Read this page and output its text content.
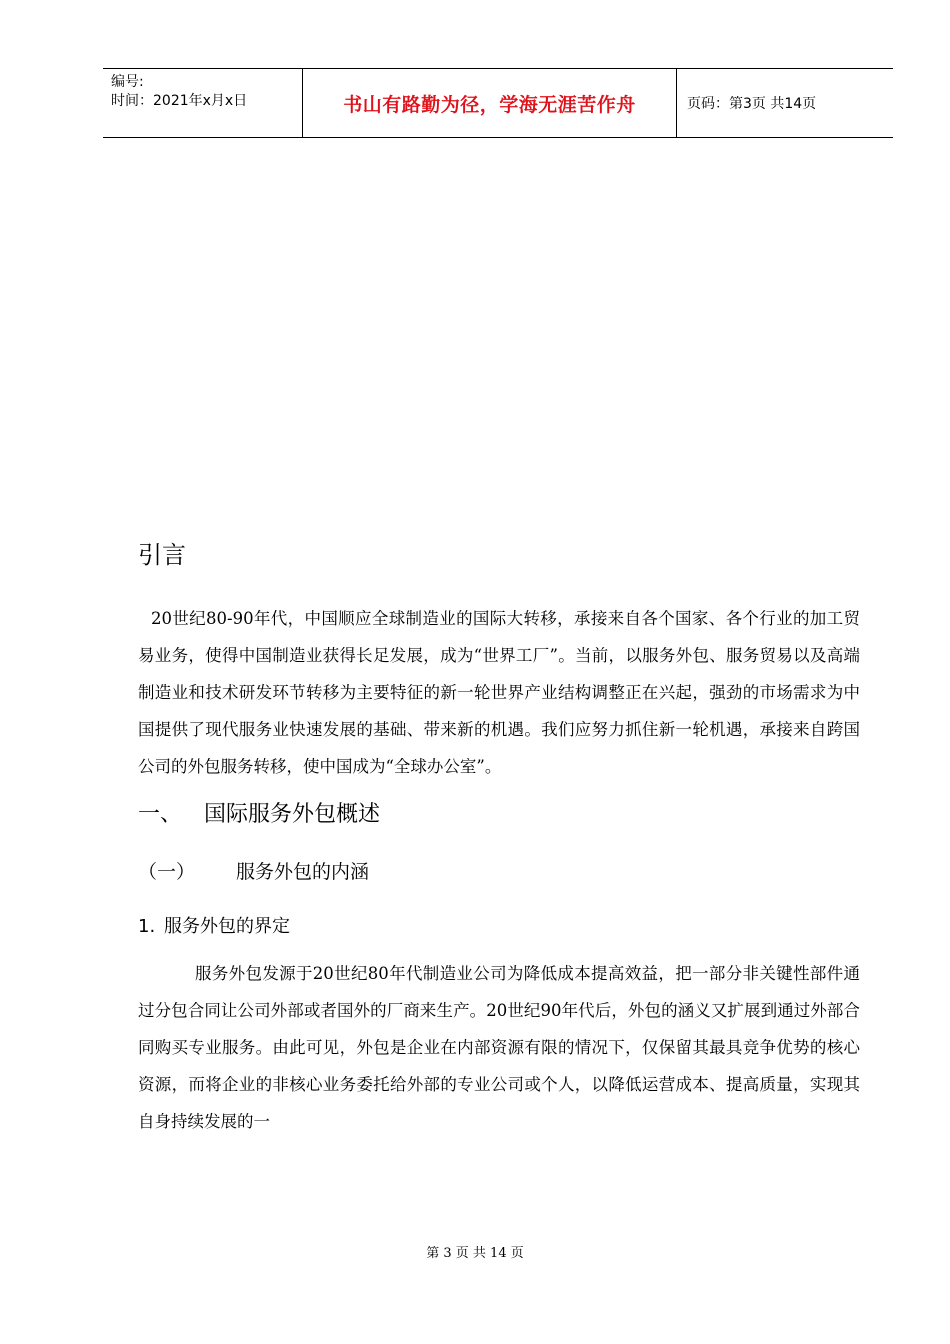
编号:
时间：2021年x月x日	书山有路勤为径，学海无涯苦作舟	页码：第3页 共14页
引言

20世纪80-90年代，中国顺应全球制造业的国际大转移，承接来自各个国家、各个行业的加工贸易业务，使得中国制造业获得长足发展，成为“世界工厂”。当前，以服务外包、服务贸易以及高端制造业和技术研发环节转移为主要特征的新一轮世界产业结构调整正在兴起，强劲的市场需求为中国提供了现代服务业快速发展的基础、带来新的机遇。我们应努力抓住新一轮机遇，承接来自跨国公司的外包服务转移，使中国成为“全球办公室”。

一、 国际服务外包概述
（一）	服务外包的内涵
1. 服务外包的界定

服务外包发源于20世纪80年代制造业公司为降低成本提高效益，把一部分非关键性部件通过分包合同让公司外部或者国外的厂商来生产。20世纪90年代后，外包的涵义又扩展到通过外部合同购买专业服务。由此可见，外包是企业在内部资源有限的情况下，仅保留其最具竞争优势的核心资源，而将企业的非核心业务委托给外部的专业公司或个人，以降低运营成本、提高质量，实现其自身持续发展的一

第 3 页 共 14 页
